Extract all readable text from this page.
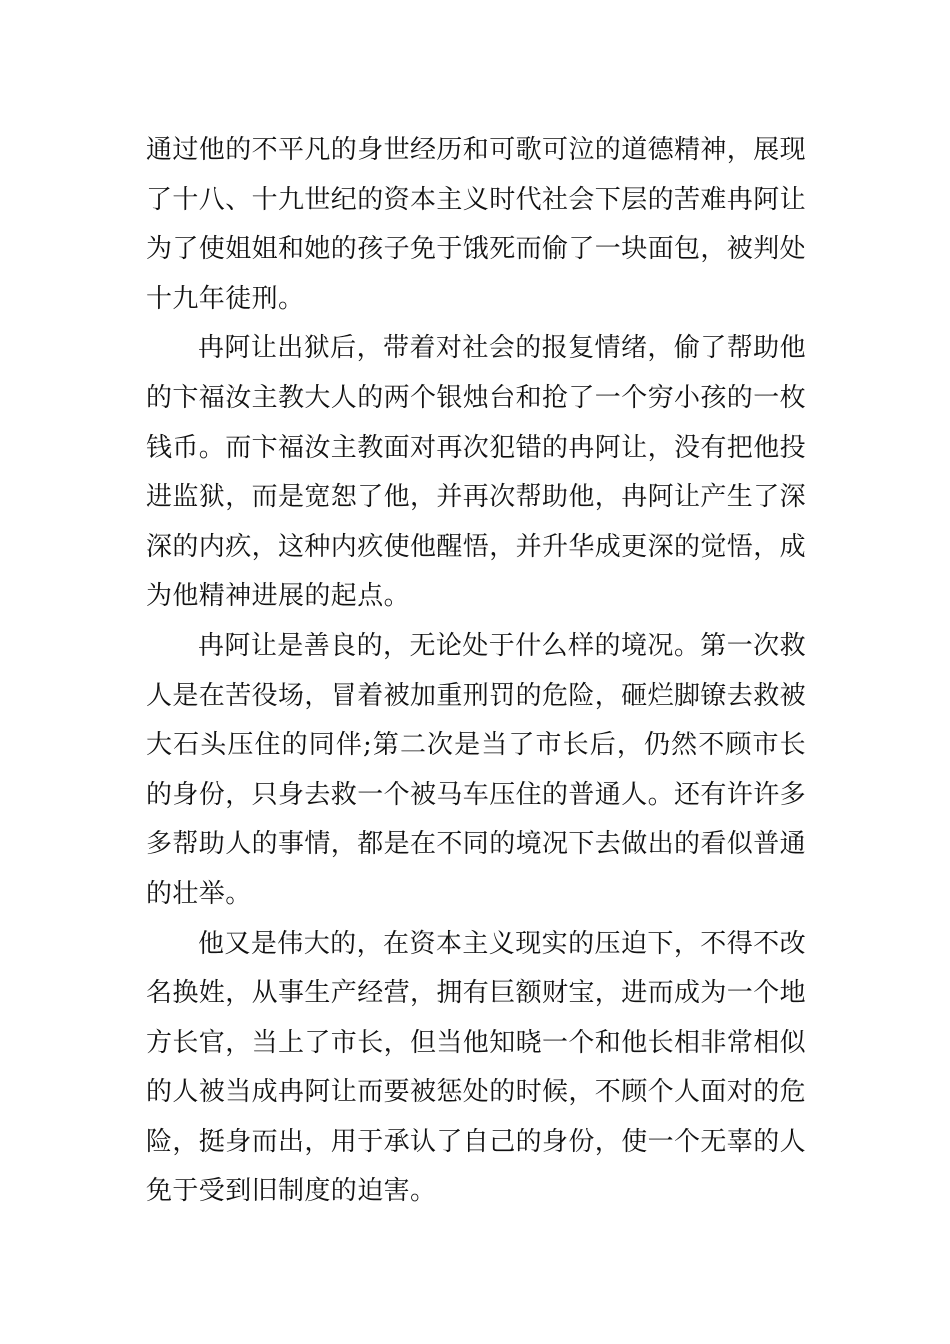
通过他的不平凡的身世经历和可歌可泣的道德精神，展现了十八、十九世纪的资本主义时代社会下层的苦难冉阿让为了使姐姐和她的孩子免于饿死而偷了一块面包，被判处十九年徒刑。

冉阿让出狱后，带着对社会的报复情绪，偷了帮助他的卞福汝主教大人的两个银烛台和抢了一个穷小孩的一枚钱币。而卞福汝主教面对再次犯错的冉阿让，没有把他投进监狱，而是宽恕了他，并再次帮助他，冉阿让产生了深深的内疚，这种内疚使他醒悟，并升华成更深的觉悟，成为他精神进展的起点。

冉阿让是善良的，无论处于什么样的境况。第一次救人是在苦役场，冒着被加重刑罚的危险，砸烂脚镣去救被大石头压住的同伴;第二次是当了市长后，仍然不顾市长的身份，只身去救一个被马车压住的普通人。还有许许多多帮助人的事情，都是在不同的境况下去做出的看似普通的壮举。

他又是伟大的，在资本主义现实的压迫下，不得不改名换姓，从事生产经营，拥有巨额财宝，进而成为一个地方长官，当上了市长，但当他知晓一个和他长相非常相似的人被当成冉阿让而要被惩处的时候，不顾个人面对的危险，挺身而出，用于承认了自己的身份，使一个无辜的人免于受到旧制度的迫害。
